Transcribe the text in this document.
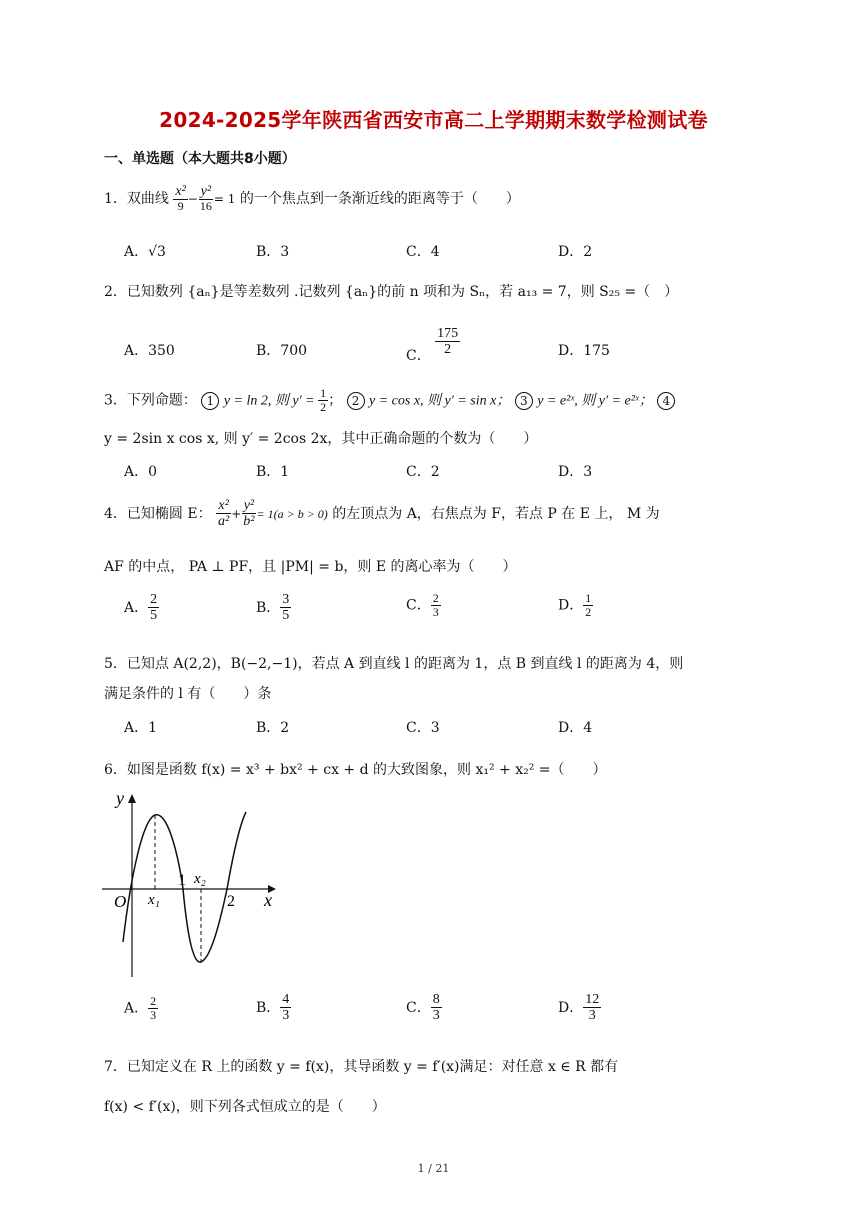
2024-2025学年陕西省西安市高二上学期期末数学检测试卷
一、单选题（本大题共8小题）
1．双曲线 $\frac{\text{x²}}{9} - \frac{\text{y²}}{16} = 1$ 的一个焦点到一条渐近线的距离等于（　　）
A．√3	B．3	C．4	D．2
2．已知数列 {aₙ}是等差数列 .记数列 {aₙ}的前 n 项和为 Sₙ，若 a₁₃ = 7，则 S₂₅ =（　）
A．350	B．700	C． $\frac{175}{2}$	D．175
3．下列命题： 1 y = ln 2, 则 $y' = \frac{1}{2}$ ； 2 y = cos x, 则 y′ = sin x； 3 y = e²ˣ, 则 y′ = e²ˣ； 4
y = 2sin x cos x, 则 y′ = 2cos 2x，其中正确命题的个数为（　　）
A．0	B．1	C．2	D．3
4．已知椭圆 E： $\frac{\text{x²}}{\text{a²}} + \frac{\text{y²}}{\text{b²}} = 1(a > b > 0)$ 的左顶点为 A，右焦点为 F，若点 P 在 E 上， M 为
AF 的中点， PA ⊥ PF，且 |PM| = b，则 E 的离心率为（　　）
A． $\frac{2}{5}$	B． $\frac{3}{5}$	C． $\frac{2}{3}$	D． $\frac{1}{2}$
5．已知点 A(2,2)，B(−2,−1)，若点 A 到直线 l 的距离为 1，点 B 到直线 l 的距离为 4，则
满足条件的 l 有（　　）条
A．1	B．2	C．3	D．4
6．如图是函数 f(x) = x³ + bx² + cx + d 的大致图象，则 x₁² + x₂² =（　　）
y
x
O x₁
x₂
1
2
A． $\frac{2}{3}$	B． $\frac{4}{3}$	C． $\frac{8}{3}$	D． $\frac{12}{3}$
7．已知定义在 R 上的函数 y = f(x)，其导函数 y = f′(x)满足：对任意 x ∈ R 都有
f(x) < f′(x)，则下列各式恒成立的是（　　）
1 / 21
